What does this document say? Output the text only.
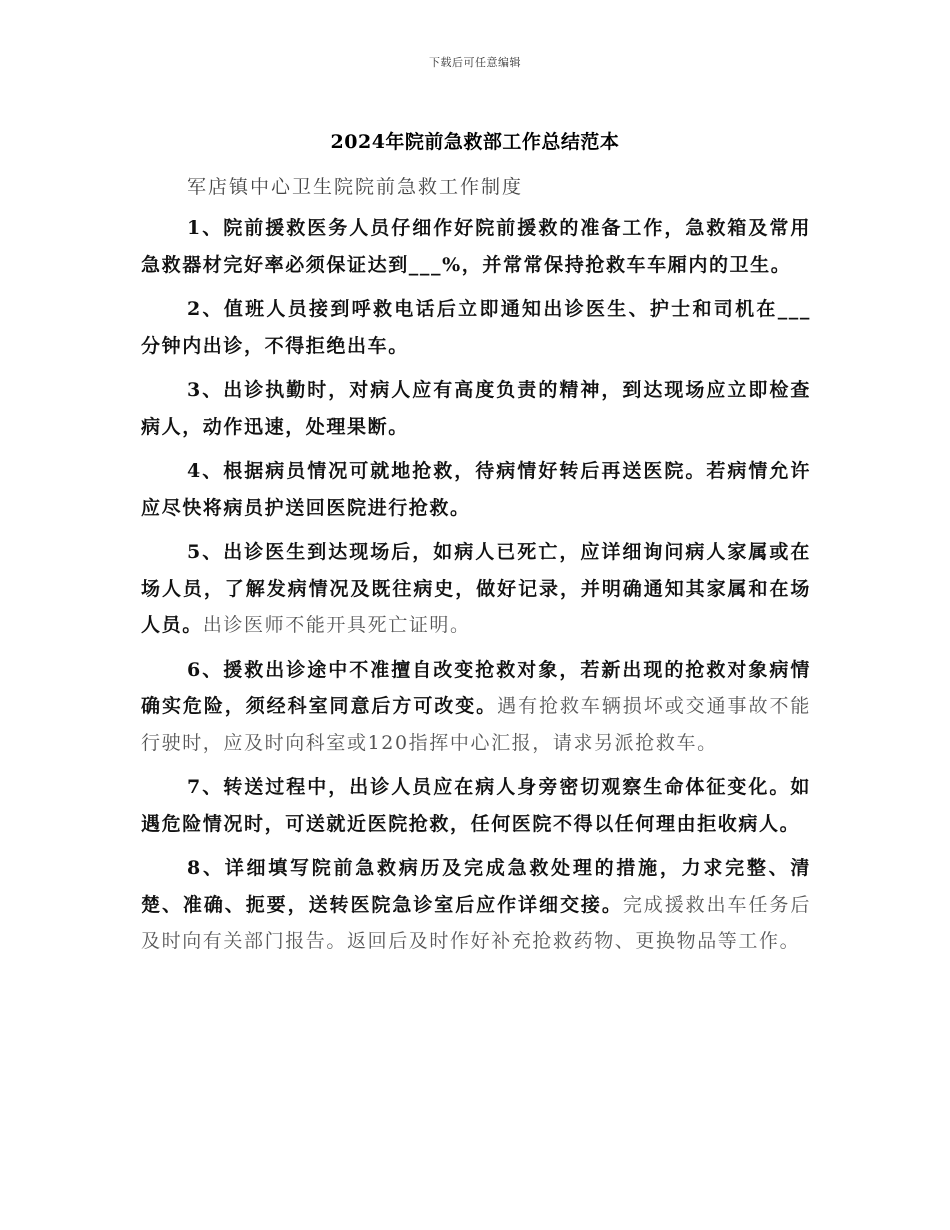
下载后可任意编辑
2024年院前急救部工作总结范本

军店镇中心卫生院院前急救工作制度

1、院前援救医务人员仔细作好院前援救的准备工作，急救箱及常用急救器材完好率必须保证达到___%，并常常保持抢救车车厢内的卫生。

2、值班人员接到呼救电话后立即通知出诊医生、护士和司机在___分钟内出诊，不得拒绝出车。

3、出诊执勤时，对病人应有高度负责的精神，到达现场应立即检查病人，动作迅速，处理果断。

4、根据病员情况可就地抢救，待病情好转后再送医院。若病情允许应尽快将病员护送回医院进行抢救。

5、出诊医生到达现场后，如病人已死亡，应详细询问病人家属或在场人员，了解发病情况及既往病史，做好记录，并明确通知其家属和在场人员。出诊医师不能开具死亡证明。

6、援救出诊途中不准擅自改变抢救对象，若新出现的抢救对象病情确实危险，须经科室同意后方可改变。遇有抢救车辆损坏或交通事故不能行驶时，应及时向科室或120指挥中心汇报，请求另派抢救车。

7、转送过程中，出诊人员应在病人身旁密切观察生命体征变化。如遇危险情况时，可送就近医院抢救，任何医院不得以任何理由拒收病人。

8、详细填写院前急救病历及完成急救处理的措施，力求完整、清楚、准确、扼要，送转医院急诊室后应作详细交接。完成援救出车任务后及时向有关部门报告。返回后及时作好补充抢救药物、更换物品等工作。
